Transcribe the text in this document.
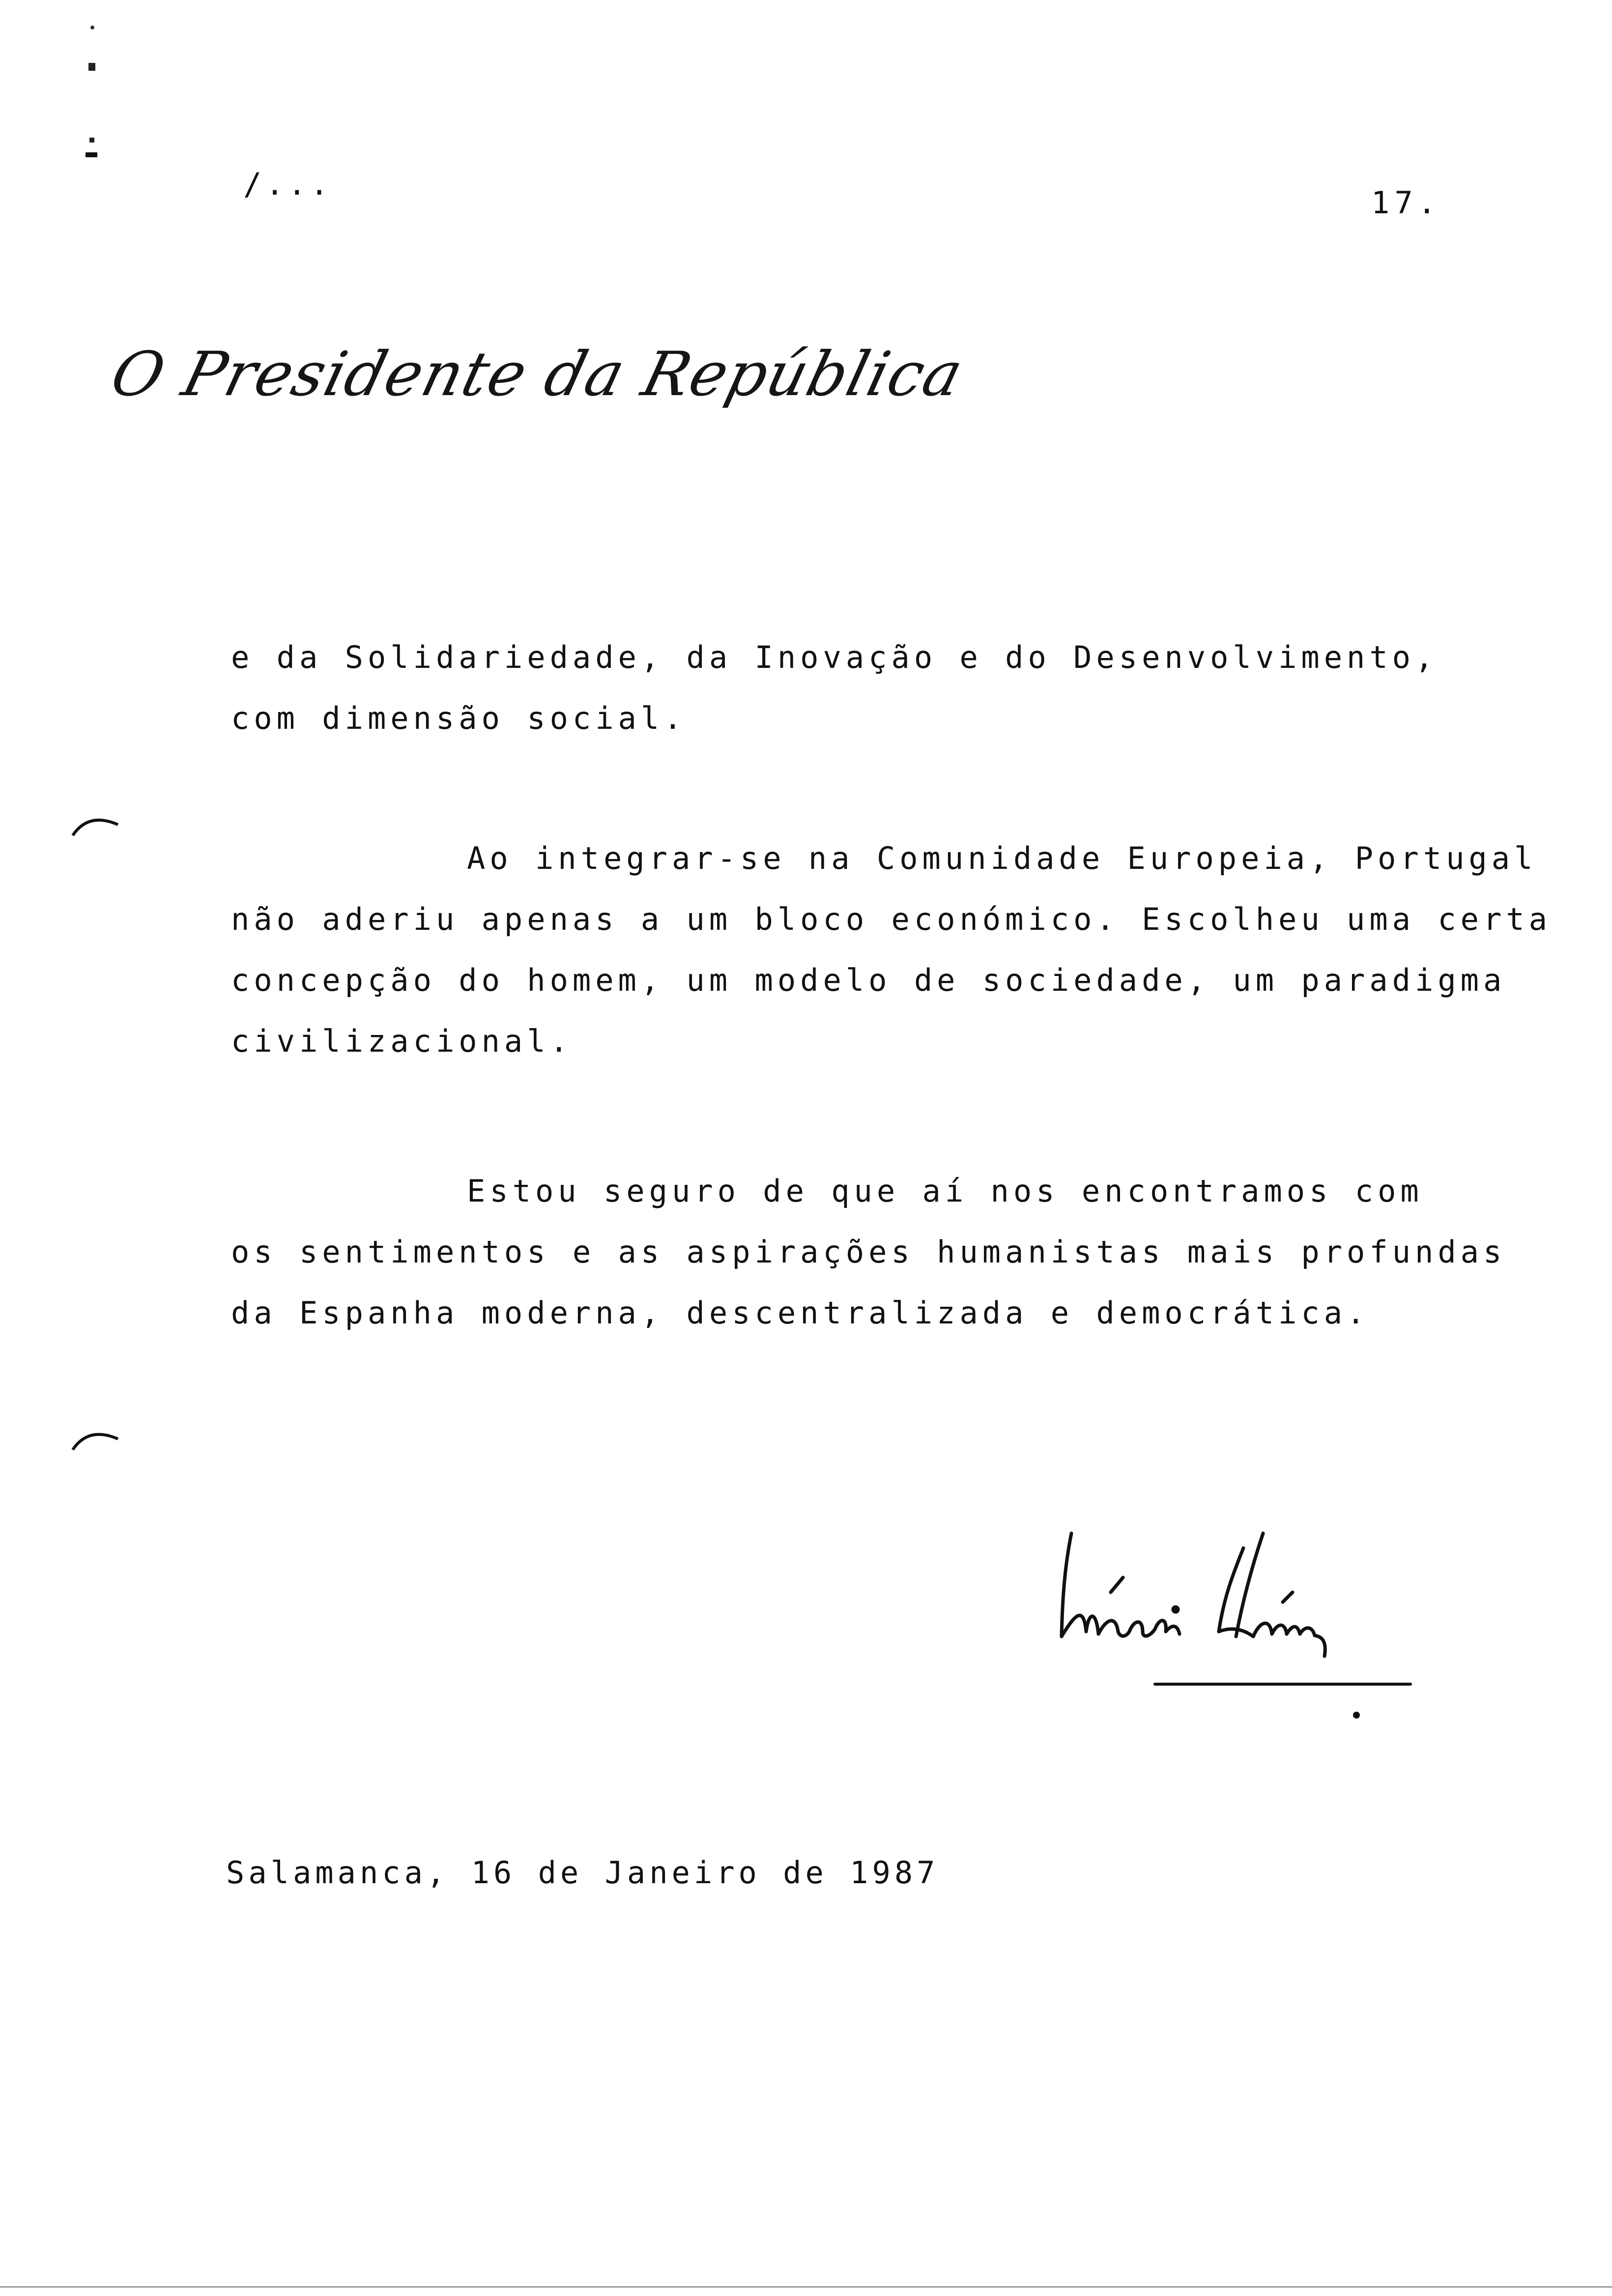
/...
17.
O Presidente da República
e da Solidariedade, da Inovação e do Desenvolvimento,
com dimensão social.
Ao integrar-se na Comunidade Europeia, Portugal
não aderiu apenas a um bloco económico. Escolheu uma certa
concepção do homem, um modelo de sociedade, um paradigma
civilizacional.
Estou seguro de que aí nos encontramos com
os sentimentos e as aspirações humanistas mais profundas
da Espanha moderna, descentralizada e democrática.
Salamanca, 16 de Janeiro de 1987
